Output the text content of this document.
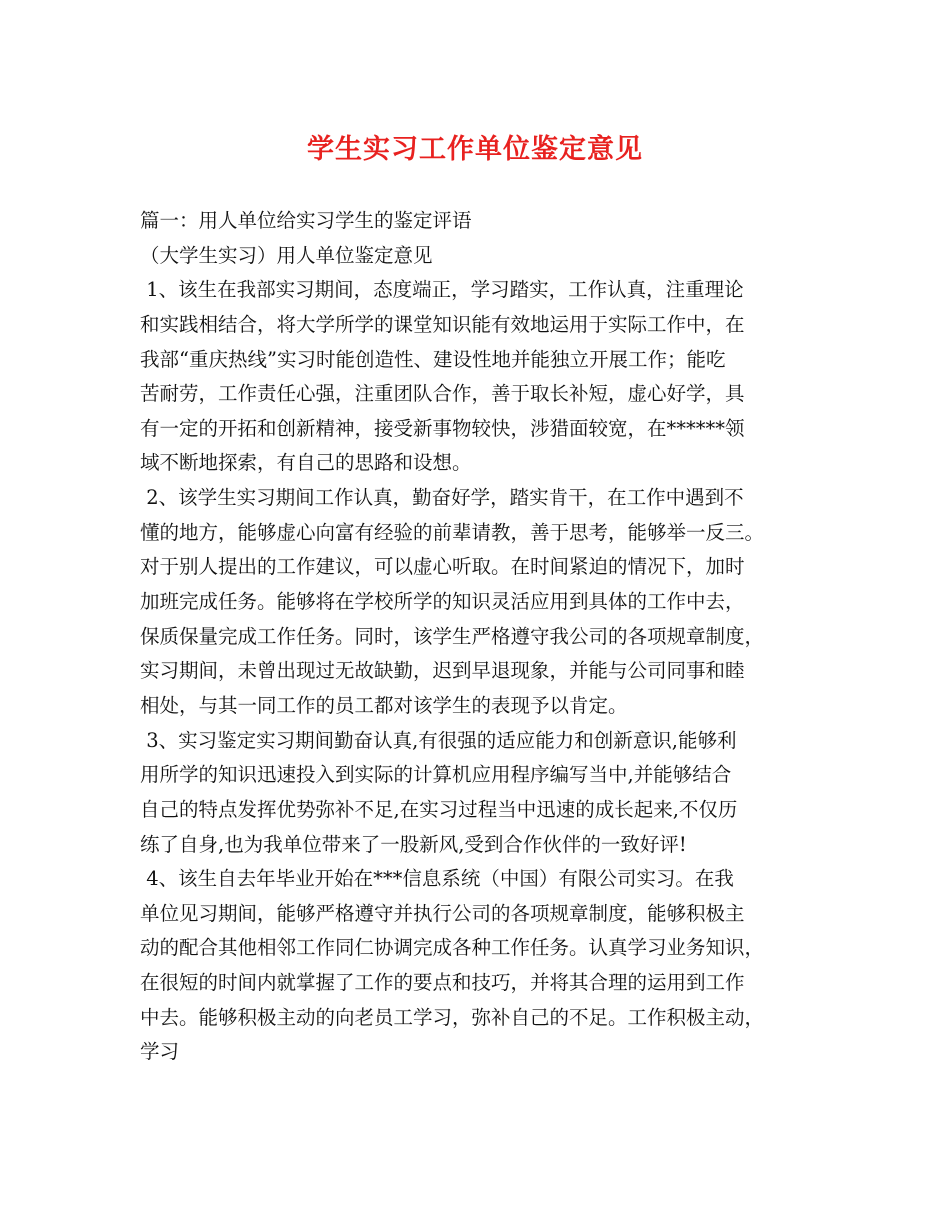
学生实习工作单位鉴定意见
篇一：用人单位给实习学生的鉴定评语
（大学生实习）用人单位鉴定意见
1、该生在我部实习期间，态度端正，学习踏实，工作认真，注重理论
和实践相结合，将大学所学的课堂知识能有效地运用于实际工作中，在
我部“重庆热线”实习时能创造性、建设性地并能独立开展工作；能吃
苦耐劳，工作责任心强，注重团队合作，善于取长补短，虚心好学，具
有一定的开拓和创新精神，接受新事物较快，涉猎面较宽，在******领
域不断地探索，有自己的思路和设想。
2、该学生实习期间工作认真，勤奋好学，踏实肯干，在工作中遇到不
懂的地方，能够虚心向富有经验的前辈请教，善于思考，能够举一反三。
对于别人提出的工作建议，可以虚心听取。在时间紧迫的情况下，加时
加班完成任务。能够将在学校所学的知识灵活应用到具体的工作中去，
保质保量完成工作任务。同时，该学生严格遵守我公司的各项规章制度，
实习期间，未曾出现过无故缺勤，迟到早退现象，并能与公司同事和睦
相处，与其一同工作的员工都对该学生的表现予以肯定。
3、实习鉴定实习期间勤奋认真,有很强的适应能力和创新意识,能够利
用所学的知识迅速投入到实际的计算机应用程序编写当中,并能够结合
自己的特点发挥优势弥补不足,在实习过程当中迅速的成长起来,不仅历
练了自身,也为我单位带来了一股新风,受到合作伙伴的一致好评!
4、该生自去年毕业开始在***信息系统（中国）有限公司实习。在我
单位见习期间，能够严格遵守并执行公司的各项规章制度，能够积极主
动的配合其他相邻工作同仁协调完成各种工作任务。认真学习业务知识，
在很短的时间内就掌握了工作的要点和技巧，并将其合理的运用到工作
中去。能够积极主动的向老员工学习，弥补自己的不足。工作积极主动，
学习
